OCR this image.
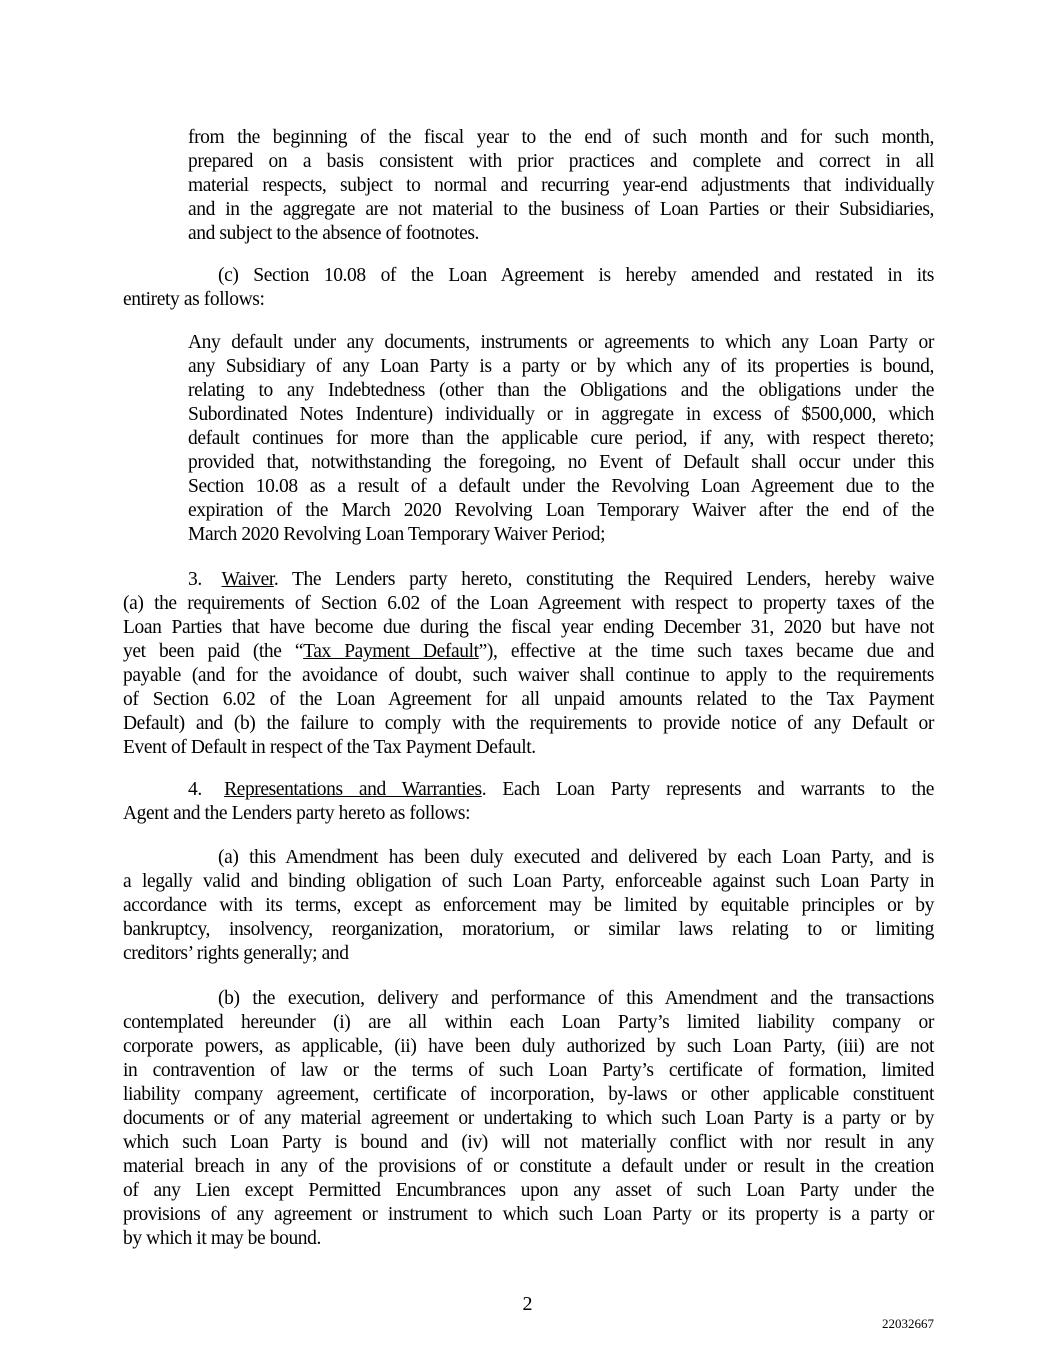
from the beginning of the fiscal year to the end of such month and for such month,
prepared on a basis consistent with prior practices and complete and correct in all
material respects, subject to normal and recurring year-end adjustments that individually
and in the aggregate are not material to the business of Loan Parties or their Subsidiaries,
and subject to the absence of footnotes.
(c) Section 10.08 of the Loan Agreement is hereby amended and restated in its
entirety as follows:
Any default under any documents, instruments or agreements to which any Loan Party or
any Subsidiary of any Loan Party is a party or by which any of its properties is bound,
relating to any Indebtedness (other than the Obligations and the obligations under the
Subordinated Notes Indenture) individually or in aggregate in excess of $500,000, which
default continues for more than the applicable cure period, if any, with respect thereto;
provided that, notwithstanding the foregoing, no Event of Default shall occur under this
Section 10.08 as a result of a default under the Revolving Loan Agreement due to the
expiration of the March 2020 Revolving Loan Temporary Waiver after the end of the
March 2020 Revolving Loan Temporary Waiver Period;
3. Waiver. The Lenders party hereto, constituting the Required Lenders, hereby waive
(a) the requirements of Section 6.02 of the Loan Agreement with respect to property taxes of the
Loan Parties that have become due during the fiscal year ending December 31, 2020 but have not
yet been paid (the “Tax Payment Default”), effective at the time such taxes became due and
payable (and for the avoidance of doubt, such waiver shall continue to apply to the requirements
of Section 6.02 of the Loan Agreement for all unpaid amounts related to the Tax Payment
Default) and (b) the failure to comply with the requirements to provide notice of any Default or
Event of Default in respect of the Tax Payment Default.
4. Representations and Warranties. Each Loan Party represents and warrants to the
Agent and the Lenders party hereto as follows:
(a) this Amendment has been duly executed and delivered by each Loan Party, and is
a legally valid and binding obligation of such Loan Party, enforceable against such Loan Party in
accordance with its terms, except as enforcement may be limited by equitable principles or by
bankruptcy, insolvency, reorganization, moratorium, or similar laws relating to or limiting
creditors’ rights generally; and
(b) the execution, delivery and performance of this Amendment and the transactions
contemplated hereunder (i) are all within each Loan Party’s limited liability company or
corporate powers, as applicable, (ii) have been duly authorized by such Loan Party, (iii) are not
in contravention of law or the terms of such Loan Party’s certificate of formation, limited
liability company agreement, certificate of incorporation, by-laws or other applicable constituent
documents or of any material agreement or undertaking to which such Loan Party is a party or by
which such Loan Party is bound and (iv) will not materially conflict with nor result in any
material breach in any of the provisions of or constitute a default under or result in the creation
of any Lien except Permitted Encumbrances upon any asset of such Loan Party under the
provisions of any agreement or instrument to which such Loan Party or its property is a party or
by which it may be bound.
2
22032667
